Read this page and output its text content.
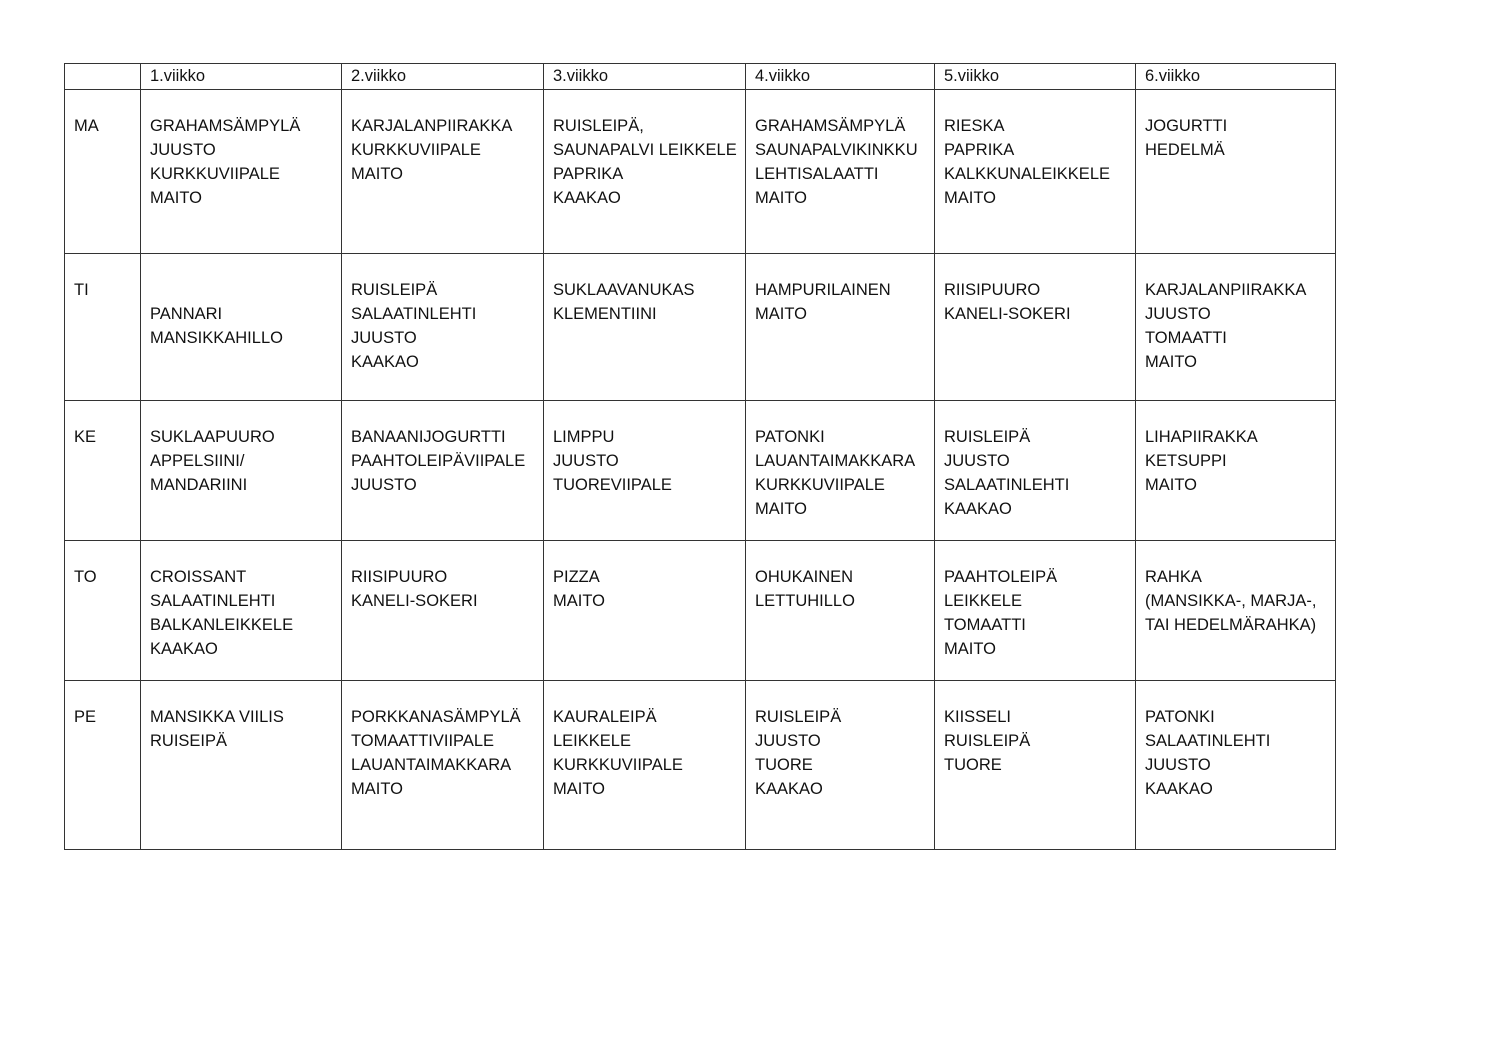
	1.viikko	2.viikko	3.viikko	4.viikko	5.viikko	6.viikko

MA	GRAHAMSÄMPYLÄ
JUUSTO
KURKKUVIIPALE
MAITO	KARJALANPIIRAKKA
KURKKUVIIPALE
MAITO	RUISLEIPÄ,
SAUNAPALVI LEIKKELE
PAPRIKA
KAAKAO	GRAHAMSÄMPYLÄ
SAUNAPALVIKINKKU
LEHTISALAATTI
MAITO	RIESKA
PAPRIKA
KALKKUNALEIKKELE
MAITO	JOGURTTI
HEDELMÄ

TI	PANNARI
MANSIKKAHILLO	RUISLEIPÄ
SALAATINLEHTI
JUUSTO
KAAKAO	SUKLAAVANUKAS
KLEMENTIINI	HAMPURILAINEN
MAITO	RIISIPUURO
KANELI-SOKERI	KARJALANPIIRAKKA
JUUSTO
TOMAATTI
MAITO

KE	SUKLAAPUURO
APPELSIINI/
MANDARIINI	BANAANIJOGURTTI
PAAHTOLEIPÄVIIPALE
JUUSTO	LIMPPU
JUUSTO
TUOREVIIPALE	PATONKI
LAUANTAIMAKKARA
KURKKUVIIPALE
MAITO	RUISLEIPÄ
JUUSTO
SALAATINLEHTI
KAAKAO	LIHAPIIRAKKA
KETSUPPI
MAITO

TO	CROISSANT
SALAATINLEHTI
BALKANLEIKKELE
KAAKAO	RIISIPUURO
KANELI-SOKERI	PIZZA
MAITO	OHUKAINEN
LETTUHILLO	PAAHTOLEIPÄ
LEIKKELE
TOMAATTI
MAITO	RAHKA
(MANSIKKA-, MARJA-,
TAI HEDELMÄRAHKA)

PE	MANSIKKA VIILIS
RUISEIPÄ	PORKKANASÄMPYLÄ
TOMAATTIVIIPALE
LAUANTAIMAKKARA
MAITO	KAURALEIPÄ
LEIKKELE
KURKKUVIIPALE
MAITO	RUISLEIPÄ
JUUSTO
TUORE
KAAKAO	KIISSELI
RUISLEIPÄ
TUORE	PATONKI
SALAATINLEHTI
JUUSTO
KAAKAO
